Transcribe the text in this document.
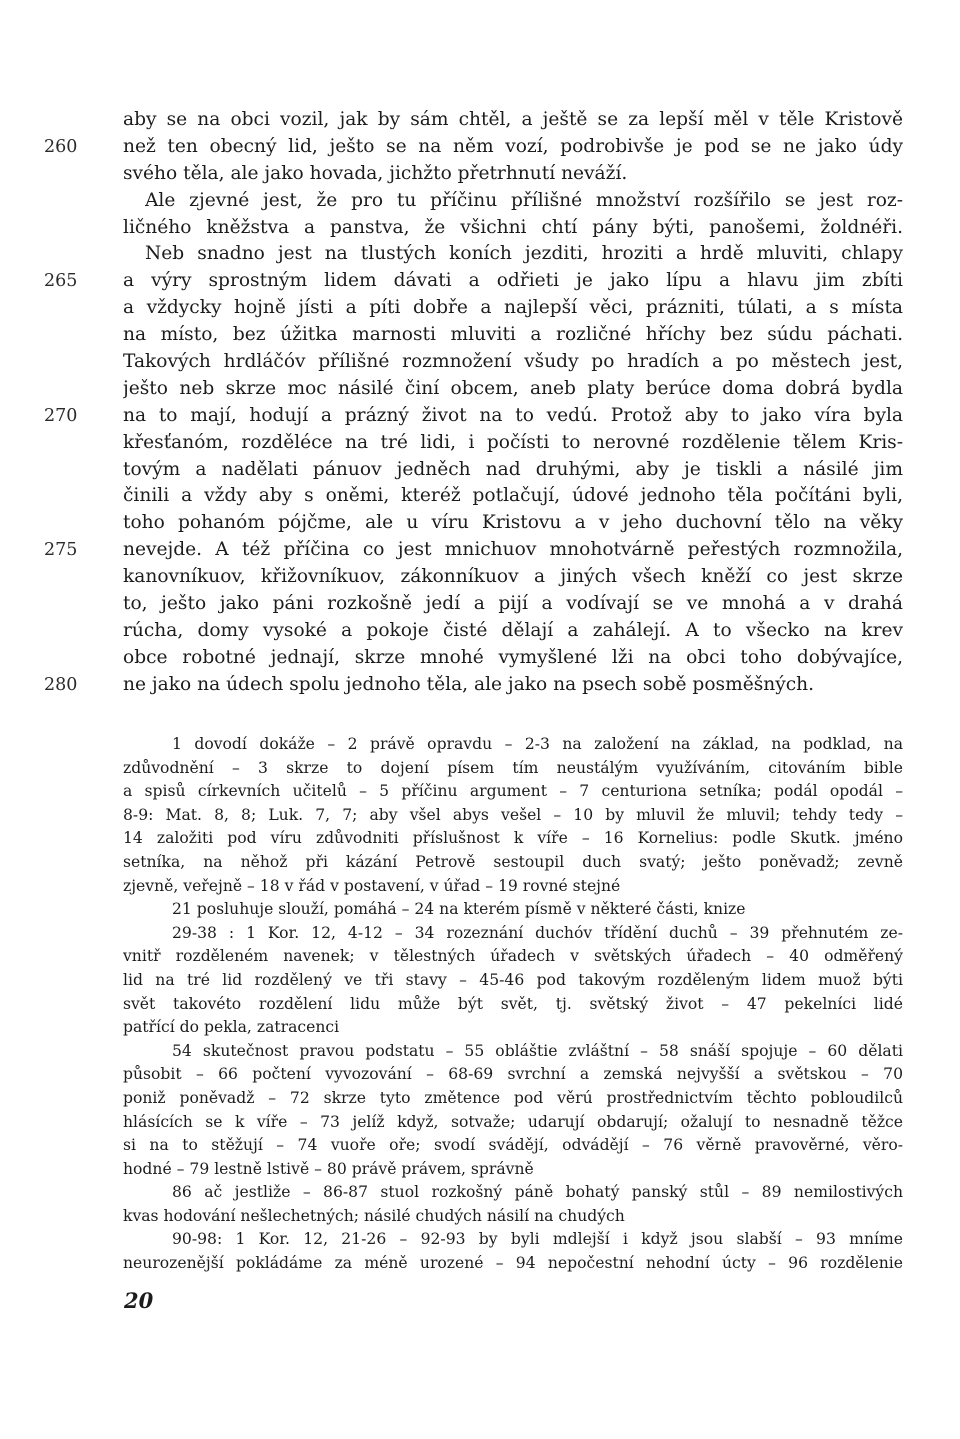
aby se na obci vozil, jak by sám chtěl, a ještě se za lepší měl v těle Kristově
260	než ten obecný lid, ješto se na něm vozí, podrobivše je pod se ne jako údy
svého těla, ale jako hovada, jichžto přetrhnutí neváží.
Ale zjevné jest, že pro tu příčinu přílišné množství rozšířilo se jest roz-
ličného kněžstva a panstva, že všichni chtí pány býti, panošemi, žoldnéři.
Neb snadno jest na tlustých koních jezditi, hroziti a hrdě mluviti, chlapy
265	a výry sprostným lidem dávati a odřieti je jako lípu a hlavu jim zbíti
a vždycky hojně jísti a píti dobře a najlepší věci, prázniti, túlati, a s místa
na místo, bez úžitka marnosti mluviti a rozličné hříchy bez súdu páchati.
Takových hrdláčóv přílišné rozmnožení všudy po hradích a po městech jest,
ješto neb skrze moc násilé činí obcem, aneb platy berúce doma dobrá bydla
270	na to mají, hodují a prázný život na to vedú. Protož aby to jako víra byla
křesťanóm, rozdělécе na tré lidi, i počísti to nerovné rozdělenie tělem Kris-
tovým a nadělati pánuov jedněch nad druhými, aby je tiskli a násilé jim
činili a vždy aby s oněmi, kteréž potlačují, údové jednoho těla počítáni byli,
toho pohanóm pójčme, ale u víru Kristovu a v jeho duchovní tělo na věky
275	nevejde. A též příčina co jest mnichuov mnohotvárně peřestých rozmnožila,
kanovníkuov, křižovníkuov, zákonníkuov a jiných všech kněží co jest skrze
to, ješto jako páni rozkošně jedí a pijí a vodívají se ve mnohá a v drahá
rúcha, domy vysoké a pokoje čisté dělají a zahálejí. A to všecko na krev
obce robotné jednají, skrze mnohé vymyšlené lži na obci toho dobývajíce,
280	ne jako na údech spolu jednoho těla, ale jako na psech sobě posměšných.
1 dovodí dokáže – 2 právě opravdu – 2-3 na založení na základ, na podklad, na
zdůvodnění – 3 skrze to dojení písem tím neustálým využíváním, citováním bible
a spisů církevních učitelů – 5 příčinu argument – 7 centuriona setníka; podál opodál –
8-9: Mat. 8, 8; Luk. 7, 7; aby všel abys vešel – 10 by mluvil že mluvil; tehdy tedy –
14 založiti pod víru zdůvodniti příslušnost k víře – 16 Kornelius: podle Skutk. jméno
setníka, na něhož při kázání Petrově sestoupil duch svatý; ješto poněvadž; zevně
zjevně, veřejně – 18 v řád v postavení, v úřad – 19 rovné stejné
21 posluhuje slouží, pomáhá – 24 na kterém písmě v některé části, knize
29-38 : 1 Kor. 12, 4-12 – 34 rozeznání duchóv třídění duchů – 39 přehnutém ze-
vnitř rozděleném navenek; v tělestných úřadech v světských úřadech – 40 odměřený
lid na tré lid rozdělený ve tři stavy – 45-46 pod takovým rozděleným lidem muož býti
svět takovéto rozdělení lidu může být svět, tj. světský život – 47 pekelníci lidé
patřící do pekla, zatracenci
54 skutečnost pravou podstatu – 55 obláštie zvláštní – 58 snáší spojuje – 60 dělati
působit – 66 počtení vyvozování – 68-69 svrchní a zemská nejvyšší a světskou – 70
poniž poněvadž – 72 skrze tyto změtence pod věrú prostřednictvím těchto pobloudilců
hlásících se k víře – 73 jelíž když, sotvaže; udarují obdarují; ožalují to nesnadně těžce
si na to stěžují – 74 vuoře oře; svodí svádějí, odvádějí – 76 věrně pravověrné, věro-
hodné – 79 lestně lstivě – 80 právě právem, správně
86 ač jestliže – 86-87 stuol rozkošný páně bohatý panský stůl – 89 nemilostivých
kvas hodování nešlechetných; násilé chudých násilí na chudých
90-98: 1 Kor. 12, 21-26 – 92-93 by byli mdlejší i když jsou slabší – 93 mníme
neurozenější pokládáme za méně urozené – 94 nepočestní nehodní úcty – 96 rozdělenie
20
